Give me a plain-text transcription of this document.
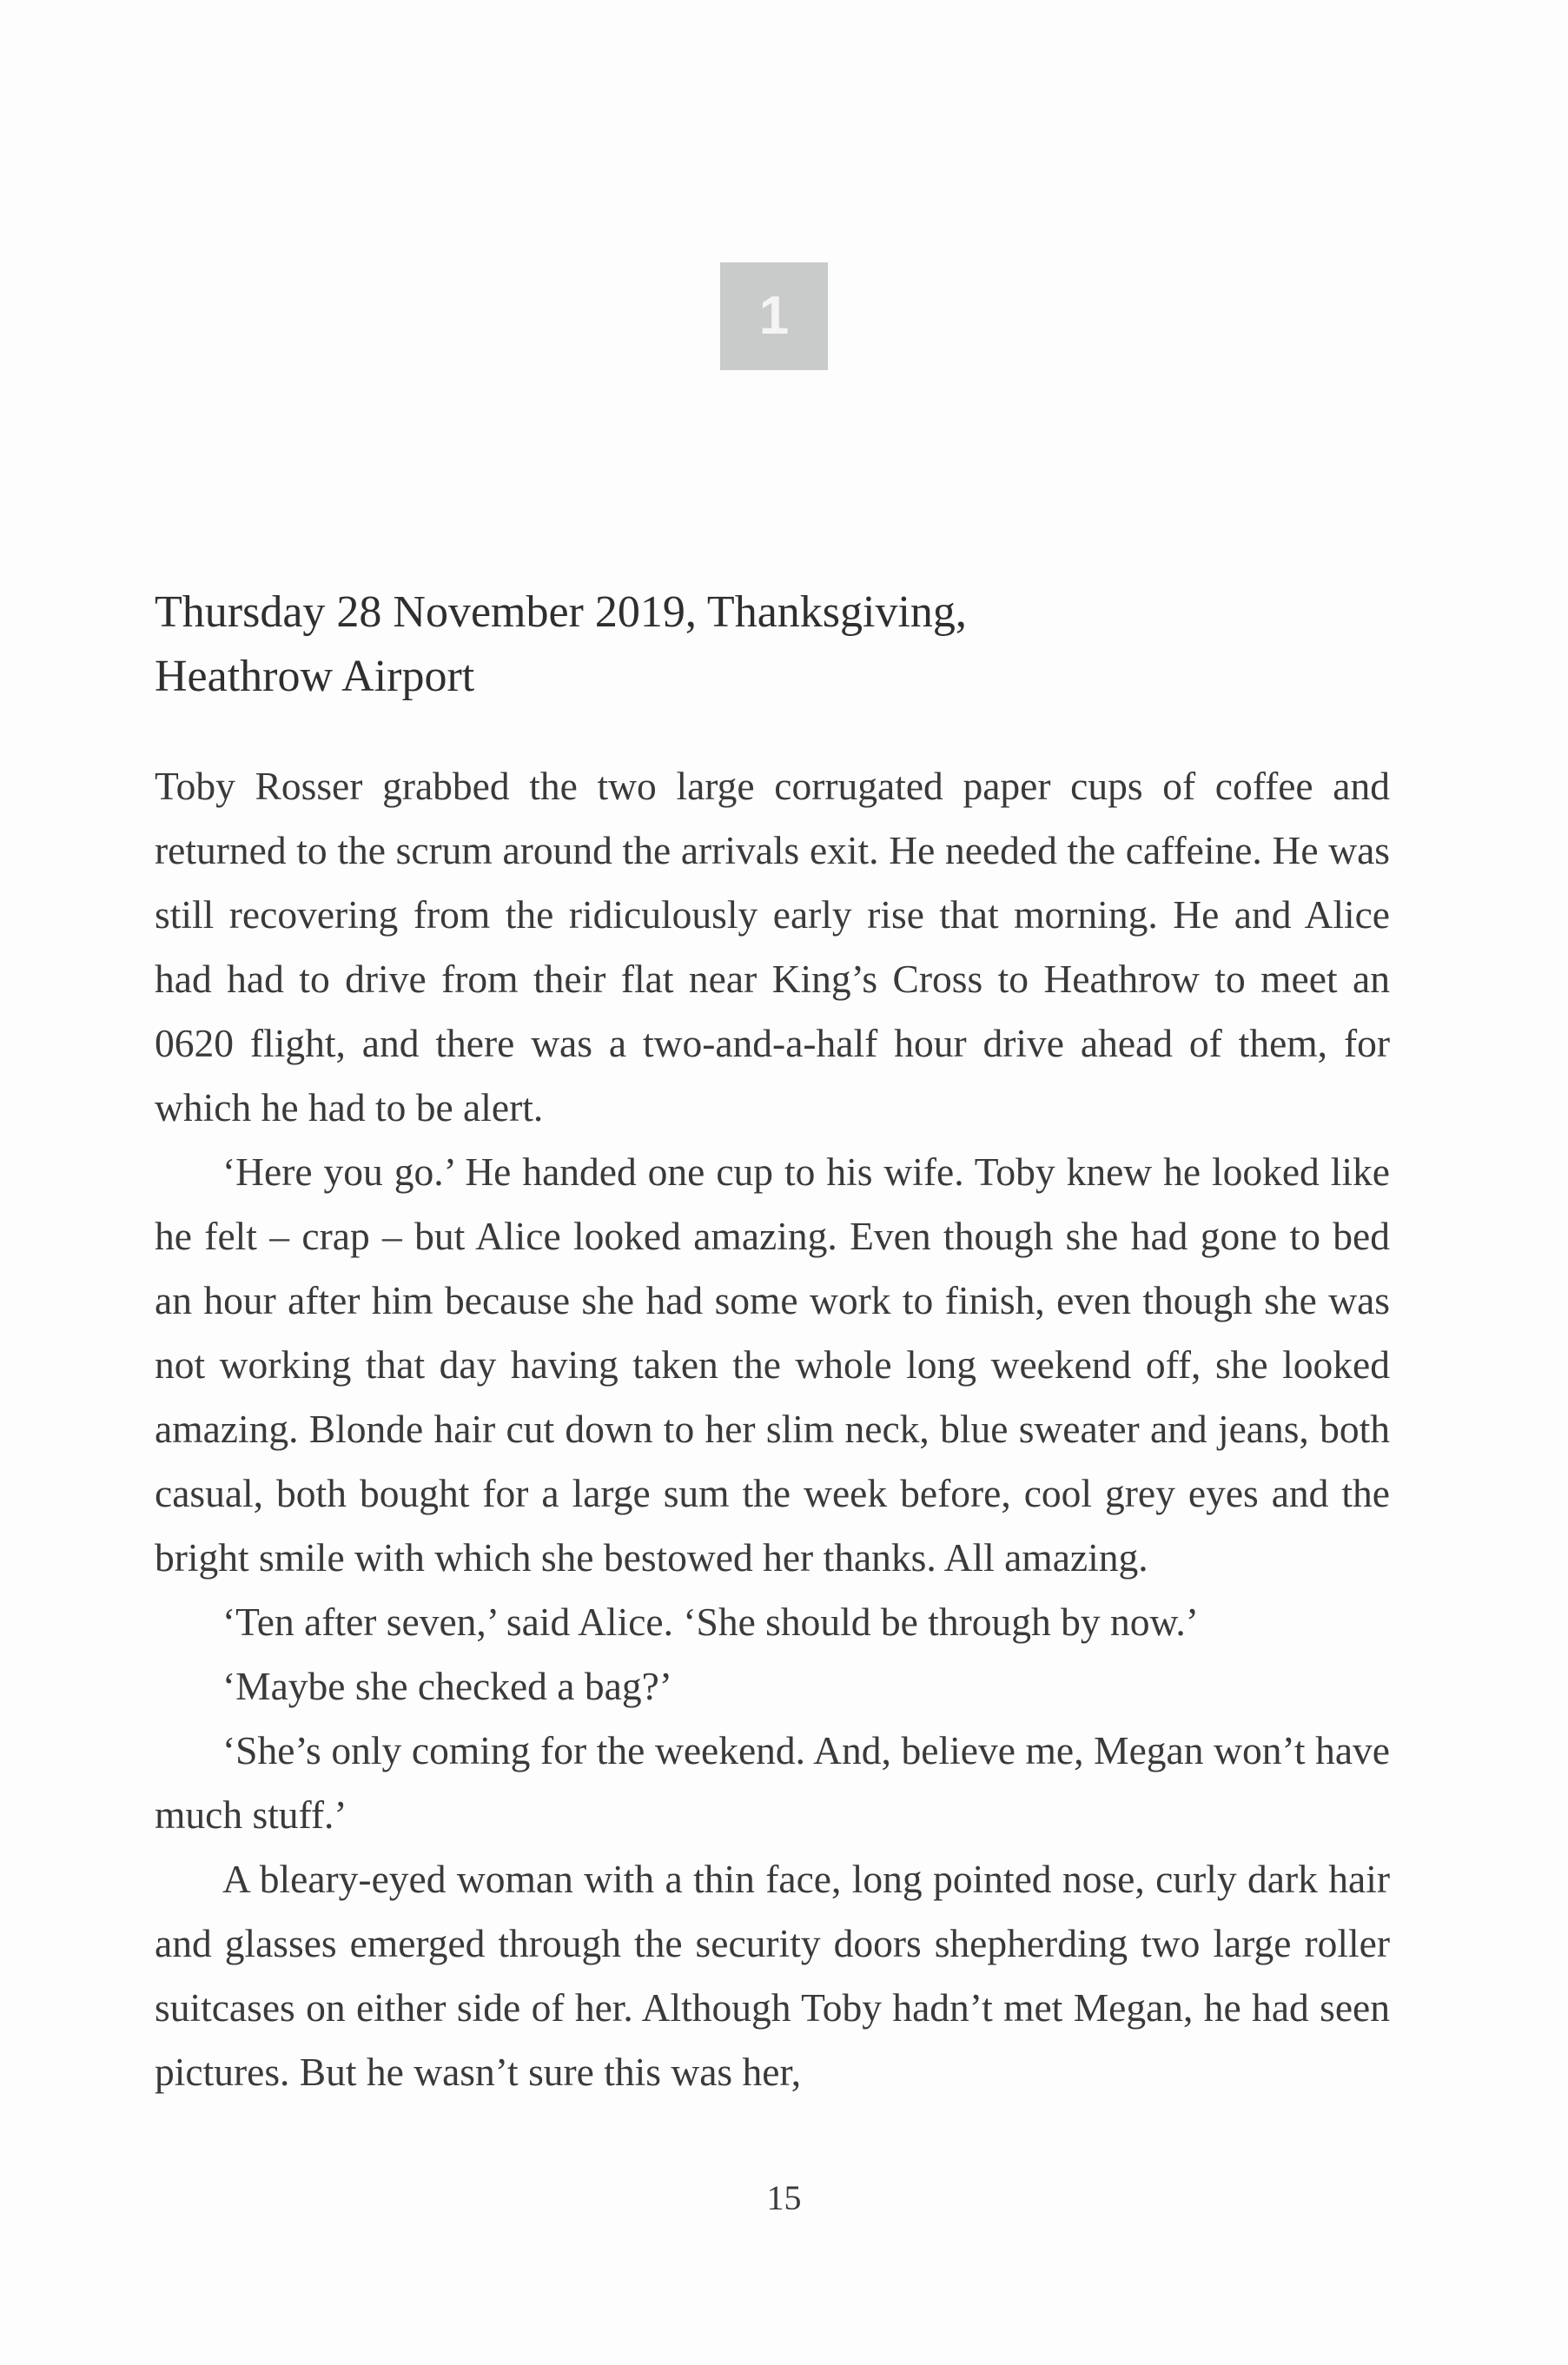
1
Thursday 28 November 2019, Thanksgiving,
Heathrow Airport

Toby Rosser grabbed the two large corrugated paper cups of coffee and returned to the scrum around the arrivals exit. He needed the caffeine. He was still recovering from the ridiculously early rise that morning. He and Alice had had to drive from their flat near King’s Cross to Heathrow to meet an 0620 flight, and there was a two-and-a-half hour drive ahead of them, for which he had to be alert.

‘Here you go.’ He handed one cup to his wife. Toby knew he looked like he felt – crap – but Alice looked amazing. Even though she had gone to bed an hour after him because she had some work to finish, even though she was not working that day having taken the whole long weekend off, she looked amazing. Blonde hair cut down to her slim neck, blue sweater and jeans, both casual, both bought for a large sum the week before, cool grey eyes and the bright smile with which she bestowed her thanks. All amazing.

‘Ten after seven,’ said Alice. ‘She should be through by now.’

‘Maybe she checked a bag?’

‘She’s only coming for the weekend. And, believe me, Megan won’t have much stuff.’

A bleary-eyed woman with a thin face, long pointed nose, curly dark hair and glasses emerged through the security doors shepherding two large roller suitcases on either side of her. Although Toby hadn’t met Megan, he had seen pictures. But he wasn’t sure this was her,

15
